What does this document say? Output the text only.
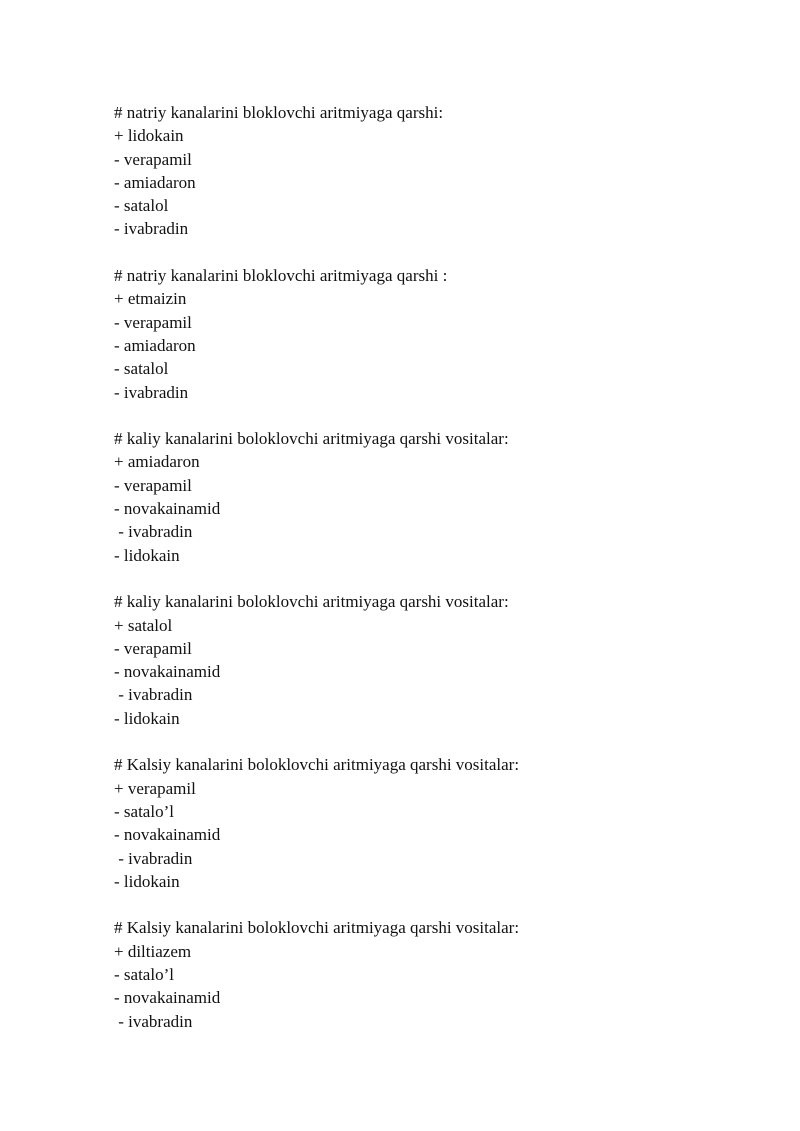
# natriy kanalarini bloklovchi aritmiyaga qarshi:
+ lidokain
- verapamil
- amiadaron
- satalol
- ivabradin
# natriy kanalarini bloklovchi aritmiyaga qarshi :
+ etmaizin
- verapamil
- amiadaron
- satalol
- ivabradin
# kaliy kanalarini boloklovchi aritmiyaga qarshi vositalar:
+ amiadaron
- verapamil
- novakainamid
- ivabradin
- lidokain
# kaliy kanalarini boloklovchi aritmiyaga qarshi vositalar:
+ satalol
- verapamil
- novakainamid
- ivabradin
- lidokain
# Kalsiy kanalarini boloklovchi aritmiyaga qarshi vositalar:
+ verapamil
- satalo’l
- novakainamid
- ivabradin
- lidokain
# Kalsiy kanalarini boloklovchi aritmiyaga qarshi vositalar:
+ diltiazem
- satalo’l
- novakainamid
- ivabradin
